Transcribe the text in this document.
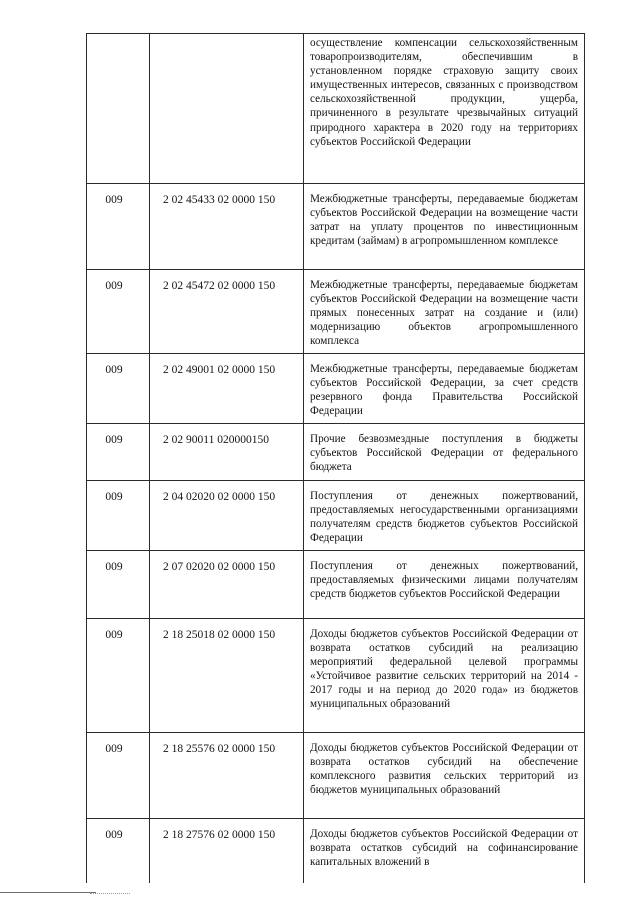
		осуществление компенсации сельскохозяйственным товаропроизводителям, обеспечившим в установленном порядке страховую защиту своих имущественных интересов, связанных с производством сельскохозяйственной продукции, ущерба, причиненного в результате чрезвычайных ситуаций природного характера в 2020 году на территориях субъектов Российской Федерации

009	2 02 45433 02 0000 150	Межбюджетные трансферты, передаваемые бюджетам субъектов Российской Федерации на возмещение части затрат на уплату процентов по инвестиционным кредитам (займам) в агропромышленном комплексе

009	2 02 45472 02 0000 150	Межбюджетные трансферты, передаваемые бюджетам субъектов Российской Федерации на возмещение части прямых понесенных затрат на создание и (или) модернизацию объектов агропромышленного комплекса

009	2 02 49001 02 0000 150	Межбюджетные трансферты, передаваемые бюджетам субъектов Российской Федерации, за счет средств резервного фонда Правительства Российской Федерации

009	2 02 90011 020000150	Прочие безвозмездные поступления в бюджеты субъектов Российской Федерации от федерального бюджета

009	2 04 02020 02 0000 150	Поступления от денежных пожертвований, предоставляемых негосударственными организациями получателям средств бюджетов субъектов Российской Федерации

009	2 07 02020 02 0000 150	Поступления от денежных пожертвований, предоставляемых физическими лицами получателям средств бюджетов субъектов Российской Федерации

009	2 18 25018 02 0000 150	Доходы бюджетов субъектов Российской Федерации от возврата остатков субсидий на реализацию мероприятий федеральной целевой программы «Устойчивое развитие сельских территорий на 2014 - 2017 годы и на период до 2020 года» из бюджетов муниципальных образований

009	2 18 25576 02 0000 150	Доходы бюджетов субъектов Российской Федерации от возврата остатков субсидий на обеспечение комплексного развития сельских территорий из бюджетов муниципальных образований

009	2 18 27576 02 0000 150	Доходы бюджетов субъектов Российской Федерации от возврата остатков субсидий на софинансирование капитальных вложений в
